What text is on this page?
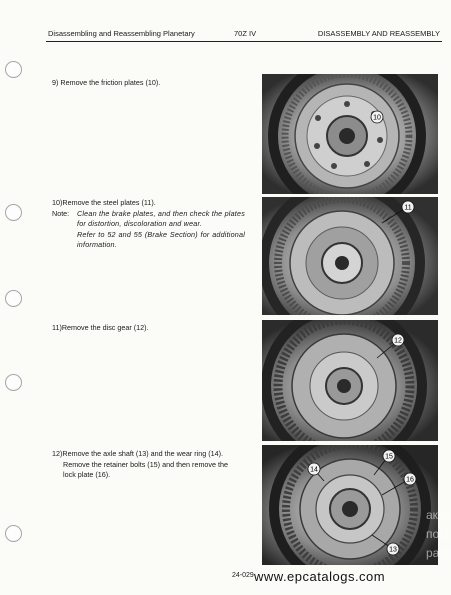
Disassembling and Reassembling Planetary	70Z IV	DISASSEMBLY AND REASSEMBLY
9) Remove the friction plates (10).
10)Remove the steel plates (11).
Note:	Clean the brake plates, and then check the plates for distortion, discoloration and wear.
Refer to 52 and 55 (Brake Section) for additional information.
11)Remove the disc gear (12).
12)Remove the axle shaft (13) and the wear ring (14).
Remove the retainer bolts (15) and then remove the
lock plate (16).
10
11
12
14
15
16
13
акти
побі
разд
24-029 www.epcatalogs.com
